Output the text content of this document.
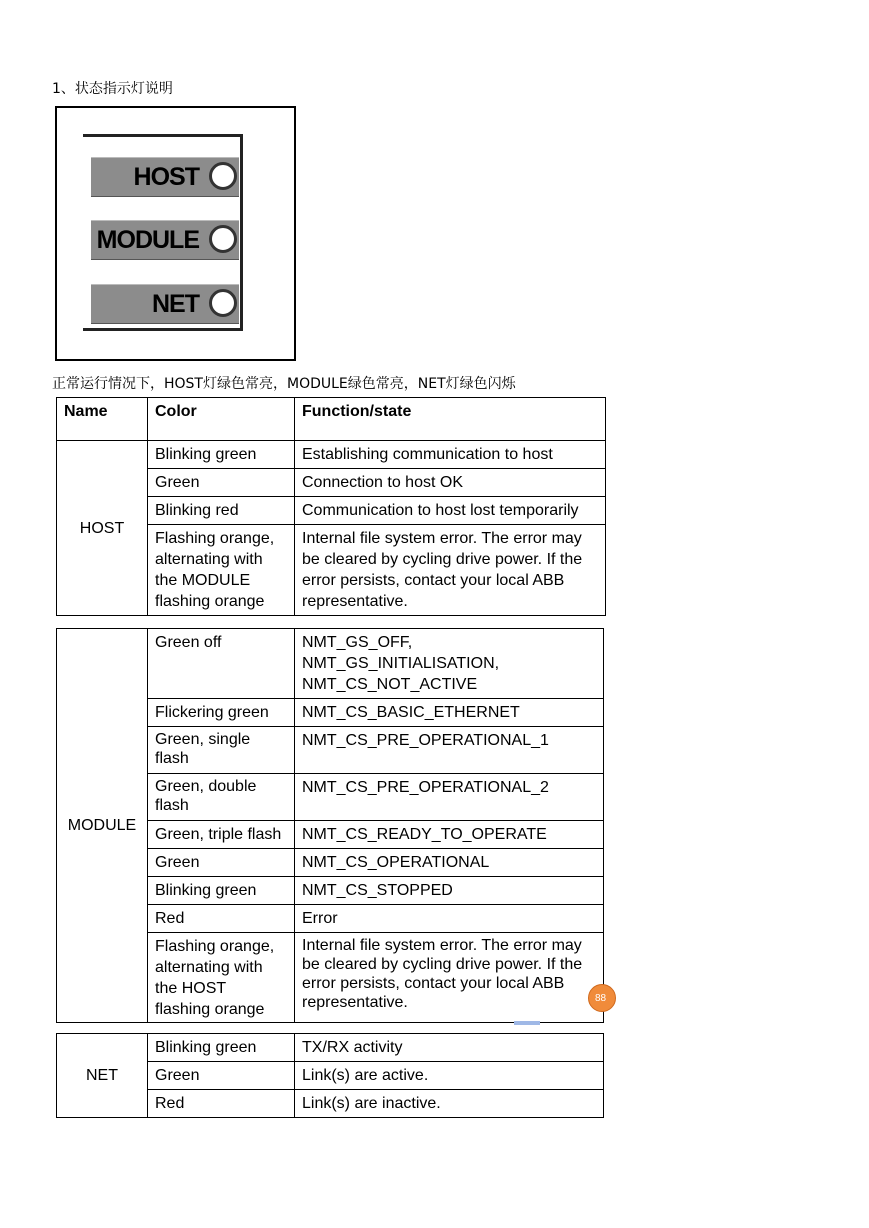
1、状态指示灯说明
HOST
MODULE
NET
正常运行情况下，HOST灯绿色常亮，MODULE绿色常亮，NET灯绿色闪烁
Name	Color	Function/state
HOST	Blinking green	Establishing communication to host
	Green	Connection to host OK
	Blinking red	Communication to host lost temporarily
	Flashing orange,
alternating with
the MODULE
flashing orange	Internal file system error. The error may
be cleared by cycling drive power. If the
error persists, contact your local ABB
representative.
MODULE	Green off	NMT_GS_OFF,
NMT_GS_INITIALISATION,
NMT_CS_NOT_ACTIVE
	Flickering green	NMT_CS_BASIC_ETHERNET
	Green, single
flash	NMT_CS_PRE_OPERATIONAL_1
	Green, double
flash	NMT_CS_PRE_OPERATIONAL_2
	Green, triple flash	NMT_CS_READY_TO_OPERATE
	Green	NMT_CS_OPERATIONAL
	Blinking green	NMT_CS_STOPPED
	Red	Error
	Flashing orange,
alternating with
the HOST
flashing orange	Internal file system error. The error may
be cleared by cycling drive power. If the
error persists, contact your local ABB
representative.
NET	Blinking green	TX/RX activity
	Green	Link(s) are active.
	Red	Link(s) are inactive.
88
